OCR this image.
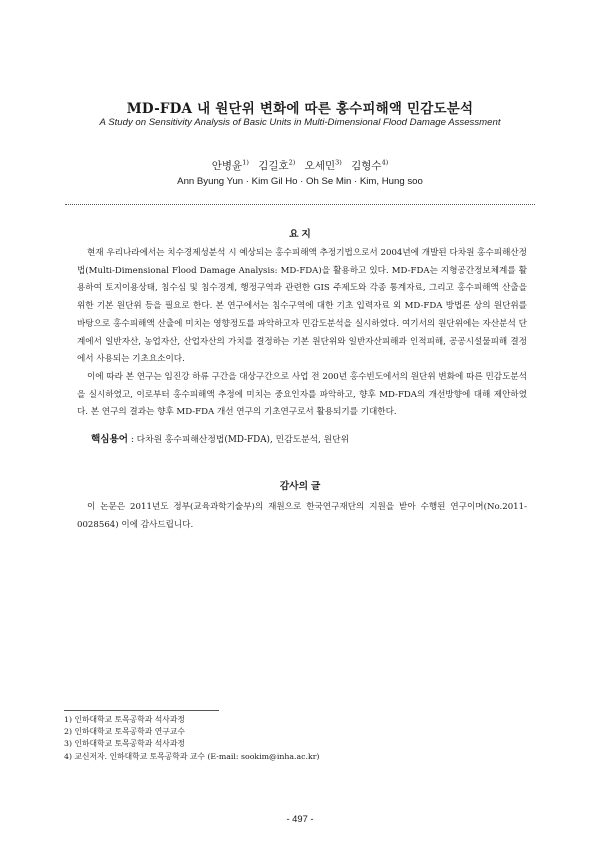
MD-FDA 내 원단위 변화에 따른 홍수피해액 민감도분석
A Study on Sensitivity Analysis of Basic Units in Multi-Dimensional Flood Damage Assessment
안병윤$^{1)}$ 김길호$^{2)}$ 오세민$^{3)}$ 김형수$^{4)}$
Ann Byung Yun · Kim Gil Ho · Oh Se Min · Kim, Hung soo
요 지

현재 우리나라에서는 치수경제성분석 시 예상되는 홍수피해액 추정기법으로서 2004년에 개발된 다차원 홍수피해산정법(Multi-Dimensional Flood Damage Analysis: MD-FDA)을 활용하고 있다. MD-FDA는 지형공간정보체계를 활용하여 토지이용상태, 침수심 및 침수경계, 행정구역과 관련한 GIS 주제도와 각종 통계자료, 그리고 홍수피해액 산출을 위한 기본 원단위 등을 필요로 한다. 본 연구에서는 침수구역에 대한 기초 입력자료 외 MD-FDA 방법론 상의 원단위를 바탕으로 홍수피해액 산출에 미치는 영향정도를 파악하고자 민감도분석을 실시하였다. 여기서의 원단위에는 자산분석 단계에서 일반자산, 농업자산, 산업자산의 가치를 결정하는 기본 원단위와 일반자산피해과 인적피해, 공공시설물피해 결정에서 사용되는 기초요소이다.

이에 따라 본 연구는 임진강 하류 구간을 대상구간으로 사업 전 200년 홍수빈도에서의 원단위 변화에 따른 민감도분석을 실시하였고, 이로부터 홍수피해액 추정에 미치는 중요인자를 파악하고, 향후 MD-FDA의 개선방향에 대해 제안하였다. 본 연구의 결과는 향후 MD-FDA 개선 연구의 기초연구로서 활용되기를 기대한다.

핵심용어 : 다차원 홍수피해산정법(MD-FDA), 민감도분석, 원단위
감사의 글
이 논문은 2011년도 정부(교육과학기술부)의 재원으로 한국연구재단의 지원을 받아 수행된 연구이며(No.2011-0028564) 이에 감사드립니다.
1) 인하대학교 토목공학과 석사과정
2) 인하대학교 토목공학과 연구교수
3) 인하대학교 토목공학과 석사과정
4) 교신저자. 인하대학교 토목공학과 교수 (E-mail: sookim@inha.ac.kr)
- 497 -
